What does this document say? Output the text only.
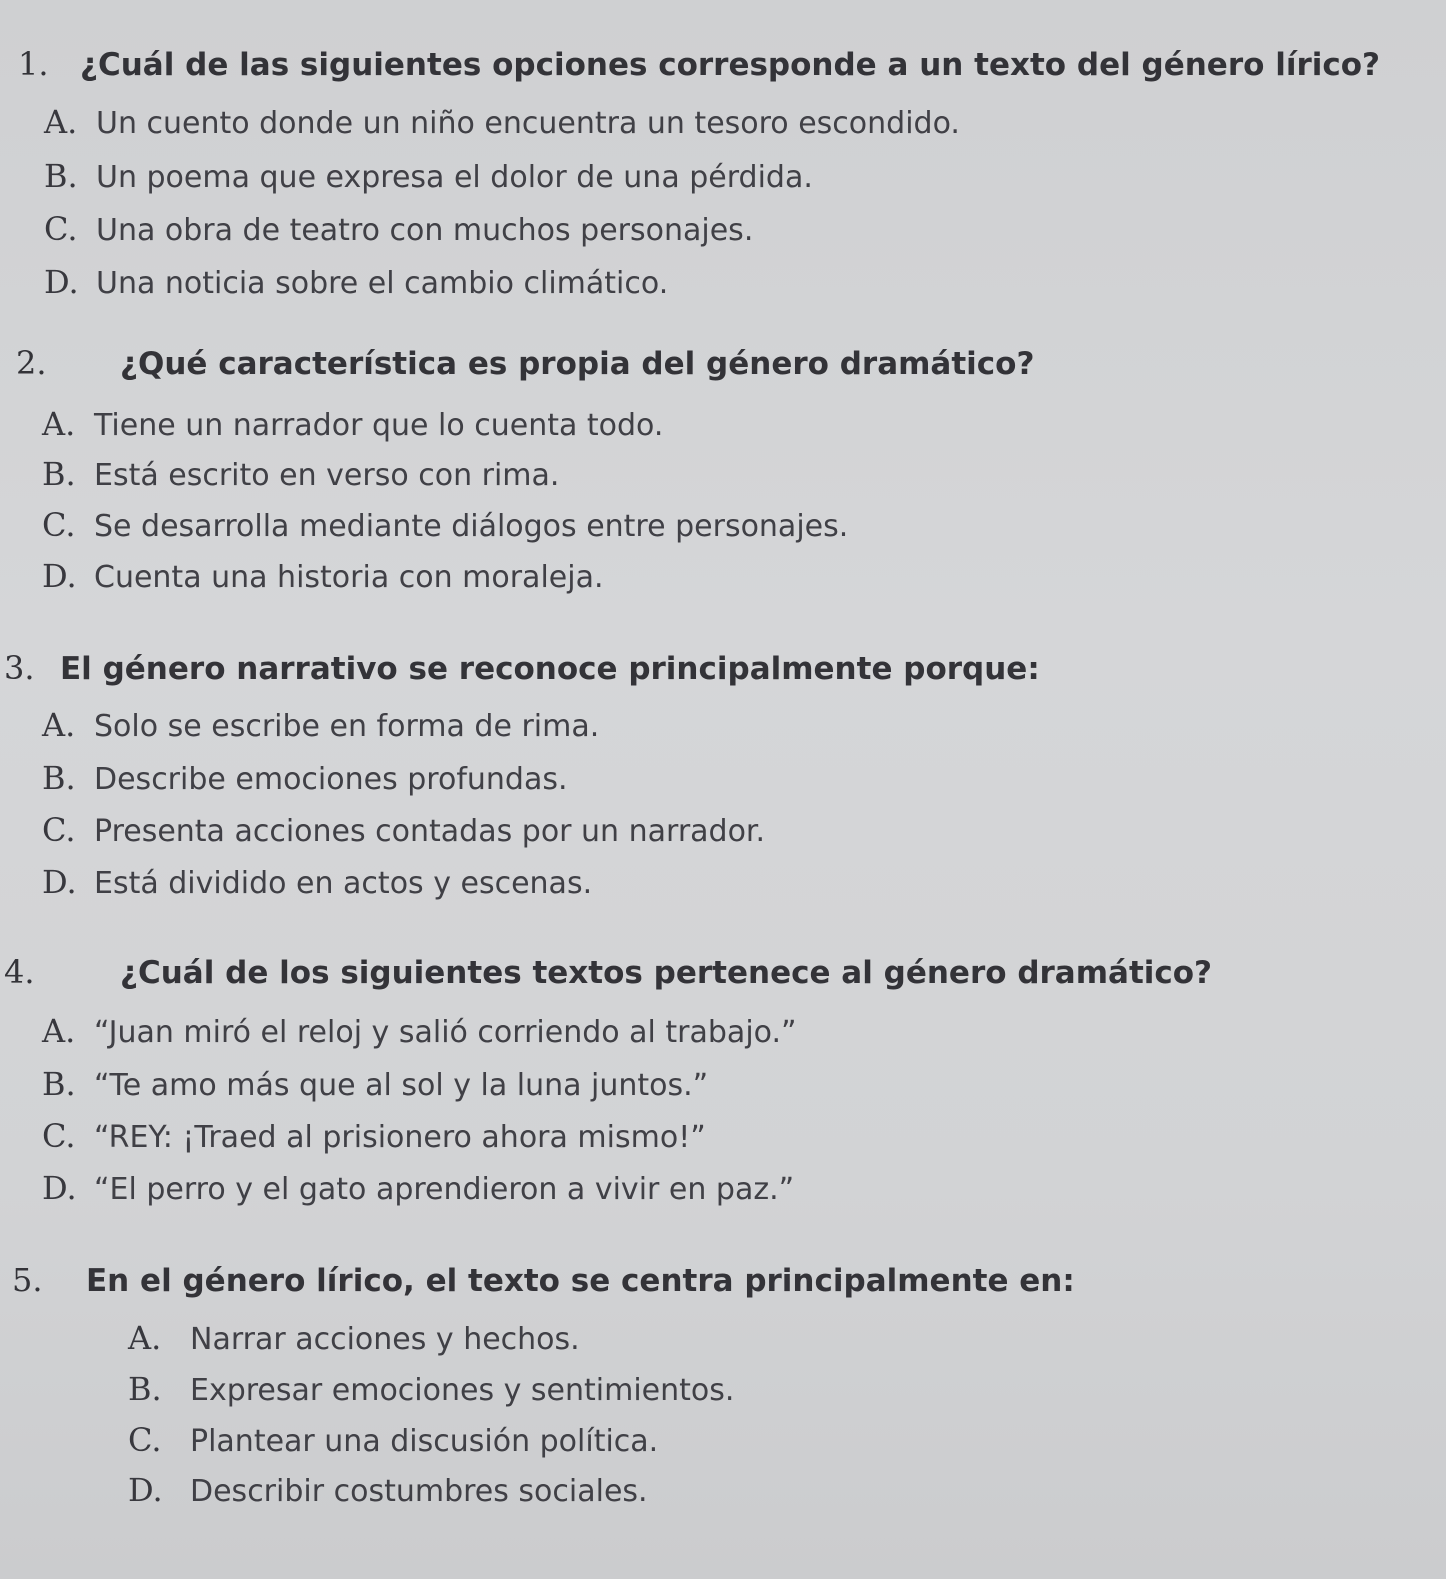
1. ¿Cuál de las siguientes opciones corresponde a un texto del género lírico?
A. Un cuento donde un niño encuentra un tesoro escondido.
B. Un poema que expresa el dolor de una pérdida.
C. Una obra de teatro con muchos personajes.
D. Una noticia sobre el cambio climático.
2. ¿Qué característica es propia del género dramático?
A. Tiene un narrador que lo cuenta todo.
B. Está escrito en verso con rima.
C. Se desarrolla mediante diálogos entre personajes.
D. Cuenta una historia con moraleja.
3. El género narrativo se reconoce principalmente porque:
A. Solo se escribe en forma de rima.
B. Describe emociones profundas.
C. Presenta acciones contadas por un narrador.
D. Está dividido en actos y escenas.
4.	¿Cuál de los siguientes textos pertenece al género dramático?
A. “Juan miró el reloj y salió corriendo al trabajo.”
B. “Te amo más que al sol y la luna juntos.”
C. “REY: ¡Traed al prisionero ahora mismo!”
D. “El perro y el gato aprendieron a vivir en paz.”
5. En el género lírico, el texto se centra principalmente en:
A. Narrar acciones y hechos.
B. Expresar emociones y sentimientos.
C. Plantear una discusión política.
D. Describir costumbres sociales.
